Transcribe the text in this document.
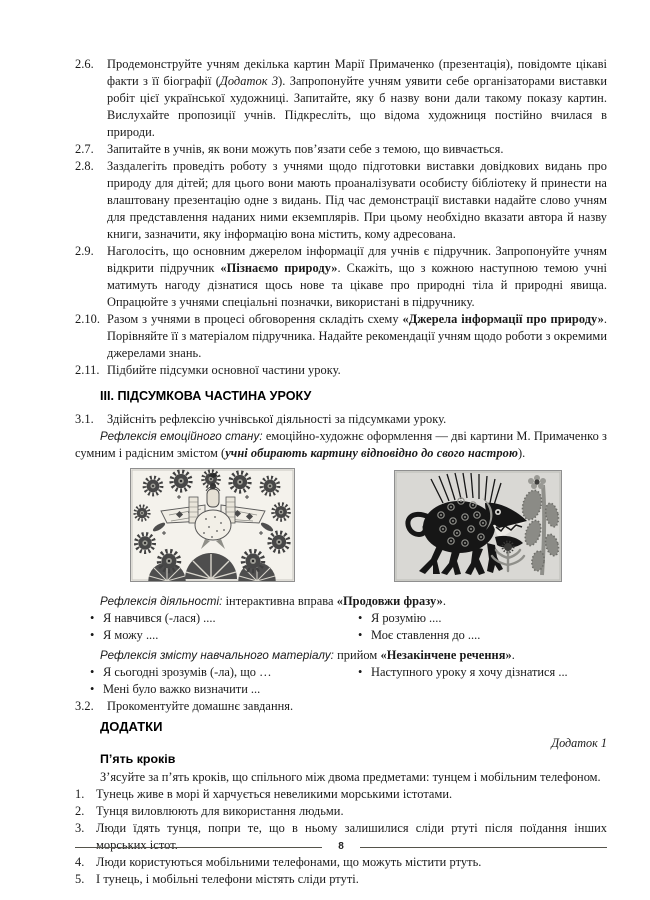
2.6. Продемонструйте учням декілька картин Марії Примаченко (презентація), повідомте цікаві факти з її біографії (Додаток 3). Запропонуйте учням уявити себе організаторами виставки робіт цієї української художниці. Запитайте, яку б назву вони дали такому показу картин. Вислухайте пропозиції учнів. Підкресліть, що відома художниця постійно вчилася в природи.
2.7. Запитайте в учнів, як вони можуть пов’язати себе з темою, що вивчається.
2.8. Заздалегіть проведіть роботу з учнями щодо підготовки виставки довідкових видань про природу для дітей; для цього вони мають проаналізувати особисту бібліотеку й принести на влаштовану презентацію одне з видань. Під час демонстрації виставки надайте слово учням для представлення наданих ними екземплярів. При цьому необхідно вказати автора й назву книги, зазначити, яку інформацію вона містить, кому адресована.
2.9. Наголосіть, що основним джерелом інформації для учнів є підручник. Запропонуйте учням відкрити підручник «Пізнаємо природу». Скажіть, що з кожною наступною темою учні матимуть нагоду дізнатися щось нове та цікаве про природні тіла й природні явища. Опрацюйте з учнями спеціальні позначки, використані в підручнику.
2.10. Разом з учнями в процесі обговорення складіть схему «Джерела інформації про природу». Порівняйте її з матеріалом підручника. Надайте рекомендації учням щодо роботи з окремими джерелами знань.
2.11. Підбийте підсумки основної частини уроку.
ІІІ. ПІДСУМКОВА ЧАСТИНА УРОКУ
3.1. Здійсніть рефлексію учнівської діяльності за підсумками уроку.

Рефлексія емоційного стану: емоційно-художнє оформлення — дві картини М. Примаченко з сумним і радісним змістом (учні обирають картину відповідно до свого настрою).

Рефлексія діяльності: інтерактивна вправа «Продовжи фразу».

• Я навчився (-лася) ....	• Я розумію ....
• Я можу ....	• Моє ставлення до ....

Рефлексія змісту навчального матеріалу: прийом «Незакінчене речення».

• Я сьогодні зрозумів (-ла), що …	• Наступного уроку я хочу дізнатися ...
• Мені було важко визначити ...
3.2. Прокоментуйте домашнє завдання.
ДОДАТКИ
Додаток 1
П’ять кроків

З’ясуйте за п’ять кроків, що спільного між двома предметами: тунцем і мобільним телефоном.

1. Тунець живе в морі й харчується невеликими морськими істотами.
2. Тунця виловлюють для використання людьми.
3. Люди їдять тунця, попри те, що в ньому залишилися сліди ртуті після поїдання інших морських істот.
4. Люди користуються мобільними телефонами, що можуть містити ртуть.
5. І тунець, і мобільні телефони містять сліди ртуті.
8
